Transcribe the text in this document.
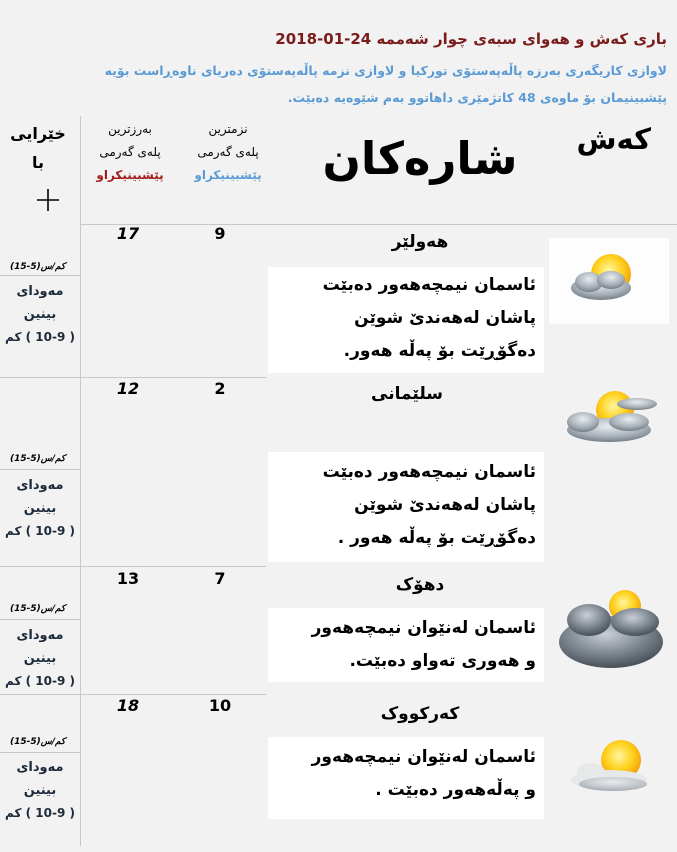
باری کەش و هەوای سبەی چوار شەممە 2018-01-24
لاوازی کاریگەری بەرزە پاڵەپەستۆی تورکیا و لاوازی نزمە پاڵەپەستۆی دەریای ناوەڕاست بۆیە
پێشبینیمان بۆ ماوەی 48 کاتژمێری داهاتوو بەم شێوەیە دەبێت.
کەش
شارەکان
نزمترین
پلەی گەرمی
پێشبینیکراو
بەرزترین
پلەی گەرمی
پێشبینیکراو
خێرایی
با
هەولێر
9
17
ئاسمان نیمچەهەور دەبێت
پاشان لەهەندێ شوێن
دەگۆڕێت بۆ پەڵە هەور.
(15-5)کم/س
مەودای
بینین
( 10-9 ) کم
سلێمانی
2
12
ئاسمان نیمچەهەور دەبێت
پاشان لەهەندێ شوێن
دەگۆڕێت بۆ پەڵە هەور .
(15-5)کم/س
مەودای
بینین
( 10-9 ) کم
دهۆک
7
13
ئاسمان لەنێوان نیمچەهەور
و هەوری تەواو دەبێت.
(15-5)کم/س
مەودای
بینین
( 10-9 ) کم
کەرکووک
10
18
ئاسمان لەنێوان نیمچەهەور
و پەڵەهەور دەبێت .
(15-5)کم/س
مەودای
بینین
( 10-9 ) کم
